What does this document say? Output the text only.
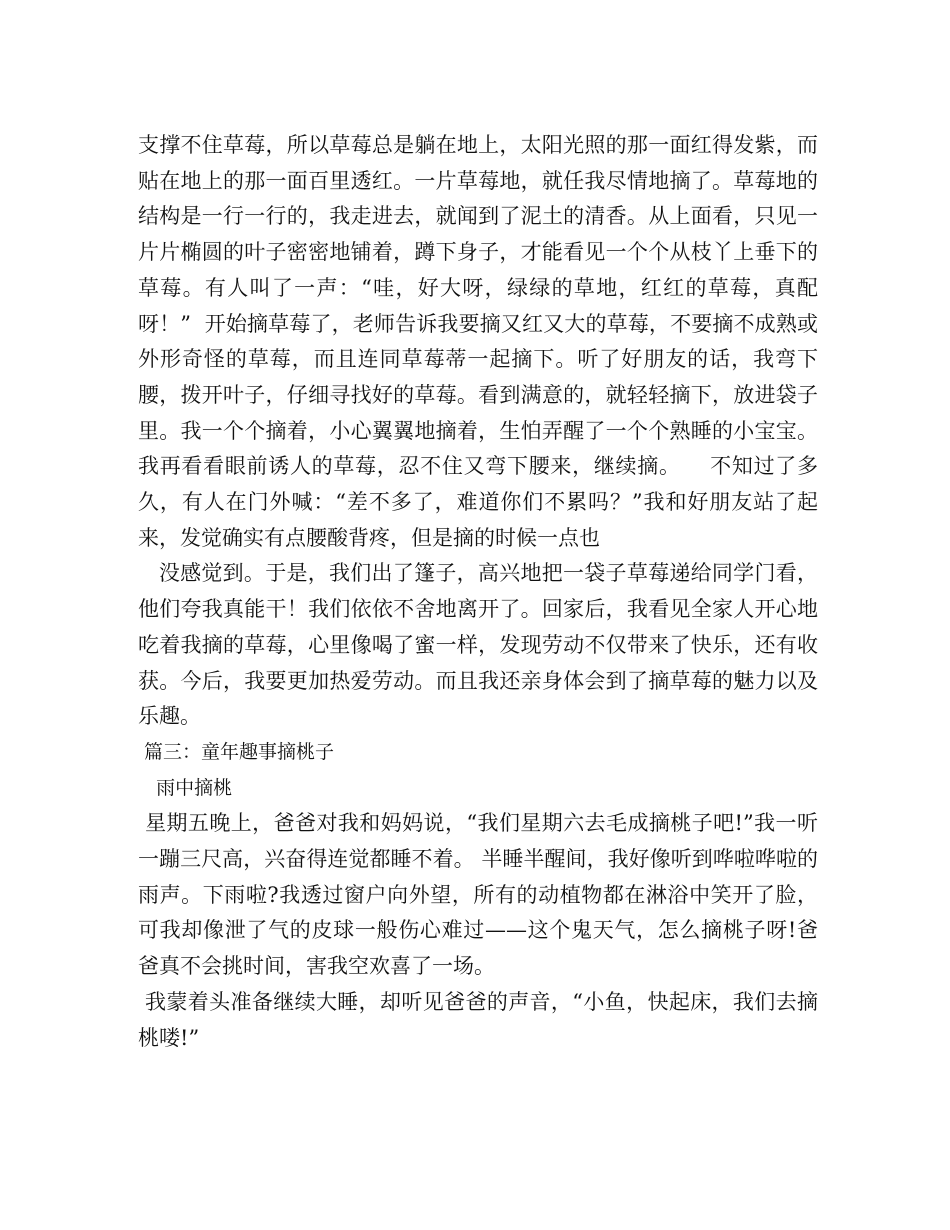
支撑不住草莓，所以草莓总是躺在地上，太阳光照的那一面红得发紫，而贴在地上的那一面百里透红。一片草莓地，就任我尽情地摘了。草莓地的结构是一行一行的，我走进去，就闻到了泥土的清香。从上面看，只见一片片椭圆的叶子密密地铺着，蹲下身子，才能看见一个个从枝丫上垂下的草莓。有人叫了一声：“哇，好大呀，绿绿的草地，红红的草莓，真配呀！”  开始摘草莓了，老师告诉我要摘又红又大的草莓，不要摘不成熟或外形奇怪的草莓，而且连同草莓蒂一起摘下。听了好朋友的话，我弯下腰，拨开叶子，仔细寻找好的草莓。看到满意的，就轻轻摘下，放进袋子里。我一个个摘着，小心翼翼地摘着，生怕弄醒了一个个熟睡的小宝宝。我再看看眼前诱人的草莓，忍不住又弯下腰来，继续摘。    不知过了多久，有人在门外喊：“差不多了，难道你们不累吗？”我和好朋友站了起来，发觉确实有点腰酸背疼，但是摘的时候一点也

没感觉到。于是，我们出了篷子，高兴地把一袋子草莓递给同学门看，他们夸我真能干！我们依依不舍地离开了。回家后，我看见全家人开心地吃着我摘的草莓，心里像喝了蜜一样，发现劳动不仅带来了快乐，还有收获。今后，我要更加热爱劳动。而且我还亲身体会到了摘草莓的魅力以及乐趣。

篇三：童年趣事摘桃子

雨中摘桃

星期五晚上，爸爸对我和妈妈说，“我们星期六去毛成摘桃子吧!”我一听一蹦三尺高，兴奋得连觉都睡不着。 半睡半醒间，我好像听到哗啦哗啦的雨声。下雨啦?我透过窗户向外望，所有的动植物都在淋浴中笑开了脸，可我却像泄了气的皮球一般伤心难过——这个鬼天气，怎么摘桃子呀!爸爸真不会挑时间，害我空欢喜了一场。

我蒙着头准备继续大睡，却听见爸爸的声音，“小鱼，快起床，我们去摘桃喽!”
